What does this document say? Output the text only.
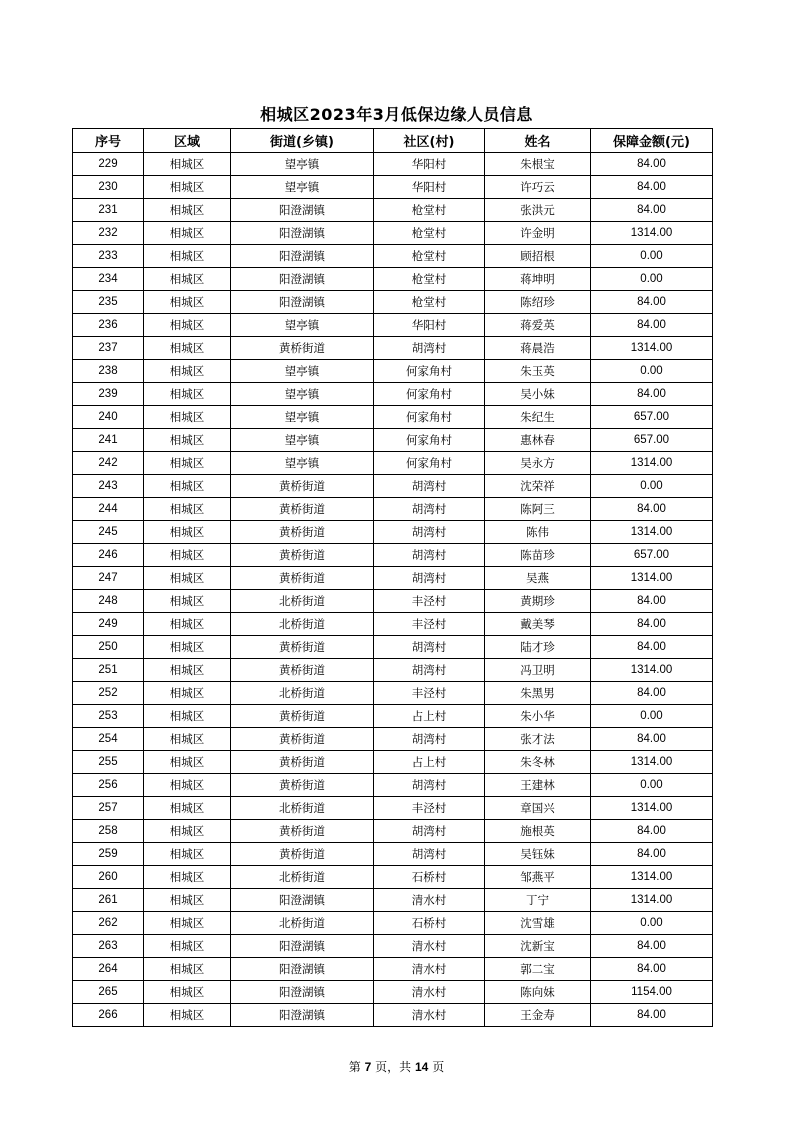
相城区2023年3月低保边缘人员信息
序号	区域	街道(乡镇)	社区(村)	姓名	保障金额(元)
229	相城区	望亭镇	华阳村	朱根宝	84.00
230	相城区	望亭镇	华阳村	许巧云	84.00
231	相城区	阳澄湖镇	枪堂村	张洪元	84.00
232	相城区	阳澄湖镇	枪堂村	许金明	1314.00
233	相城区	阳澄湖镇	枪堂村	顾招根	0.00
234	相城区	阳澄湖镇	枪堂村	蒋坤明	0.00
235	相城区	阳澄湖镇	枪堂村	陈绍珍	84.00
236	相城区	望亭镇	华阳村	蒋爱英	84.00
237	相城区	黄桥街道	胡湾村	蒋晨浩	1314.00
238	相城区	望亭镇	何家角村	朱玉英	0.00
239	相城区	望亭镇	何家角村	吴小妹	84.00
240	相城区	望亭镇	何家角村	朱纪生	657.00
241	相城区	望亭镇	何家角村	惠林春	657.00
242	相城区	望亭镇	何家角村	吴永方	1314.00
243	相城区	黄桥街道	胡湾村	沈荣祥	0.00
244	相城区	黄桥街道	胡湾村	陈阿三	84.00
245	相城区	黄桥街道	胡湾村	陈伟	1314.00
246	相城区	黄桥街道	胡湾村	陈苗珍	657.00
247	相城区	黄桥街道	胡湾村	吴燕	1314.00
248	相城区	北桥街道	丰泾村	黄期珍	84.00
249	相城区	北桥街道	丰泾村	戴美琴	84.00
250	相城区	黄桥街道	胡湾村	陆才珍	84.00
251	相城区	黄桥街道	胡湾村	冯卫明	1314.00
252	相城区	北桥街道	丰泾村	朱黑男	84.00
253	相城区	黄桥街道	占上村	朱小华	0.00
254	相城区	黄桥街道	胡湾村	张才法	84.00
255	相城区	黄桥街道	占上村	朱冬林	1314.00
256	相城区	黄桥街道	胡湾村	王建林	0.00
257	相城区	北桥街道	丰泾村	章国兴	1314.00
258	相城区	黄桥街道	胡湾村	施根英	84.00
259	相城区	黄桥街道	胡湾村	吴钰妹	84.00
260	相城区	北桥街道	石桥村	邹燕平	1314.00
261	相城区	阳澄湖镇	清水村	丁宁	1314.00
262	相城区	北桥街道	石桥村	沈雪雄	0.00
263	相城区	阳澄湖镇	清水村	沈新宝	84.00
264	相城区	阳澄湖镇	清水村	郭二宝	84.00
265	相城区	阳澄湖镇	清水村	陈向妹	1154.00
266	相城区	阳澄湖镇	清水村	王金寿	84.00
第 7 页，共 14 页
